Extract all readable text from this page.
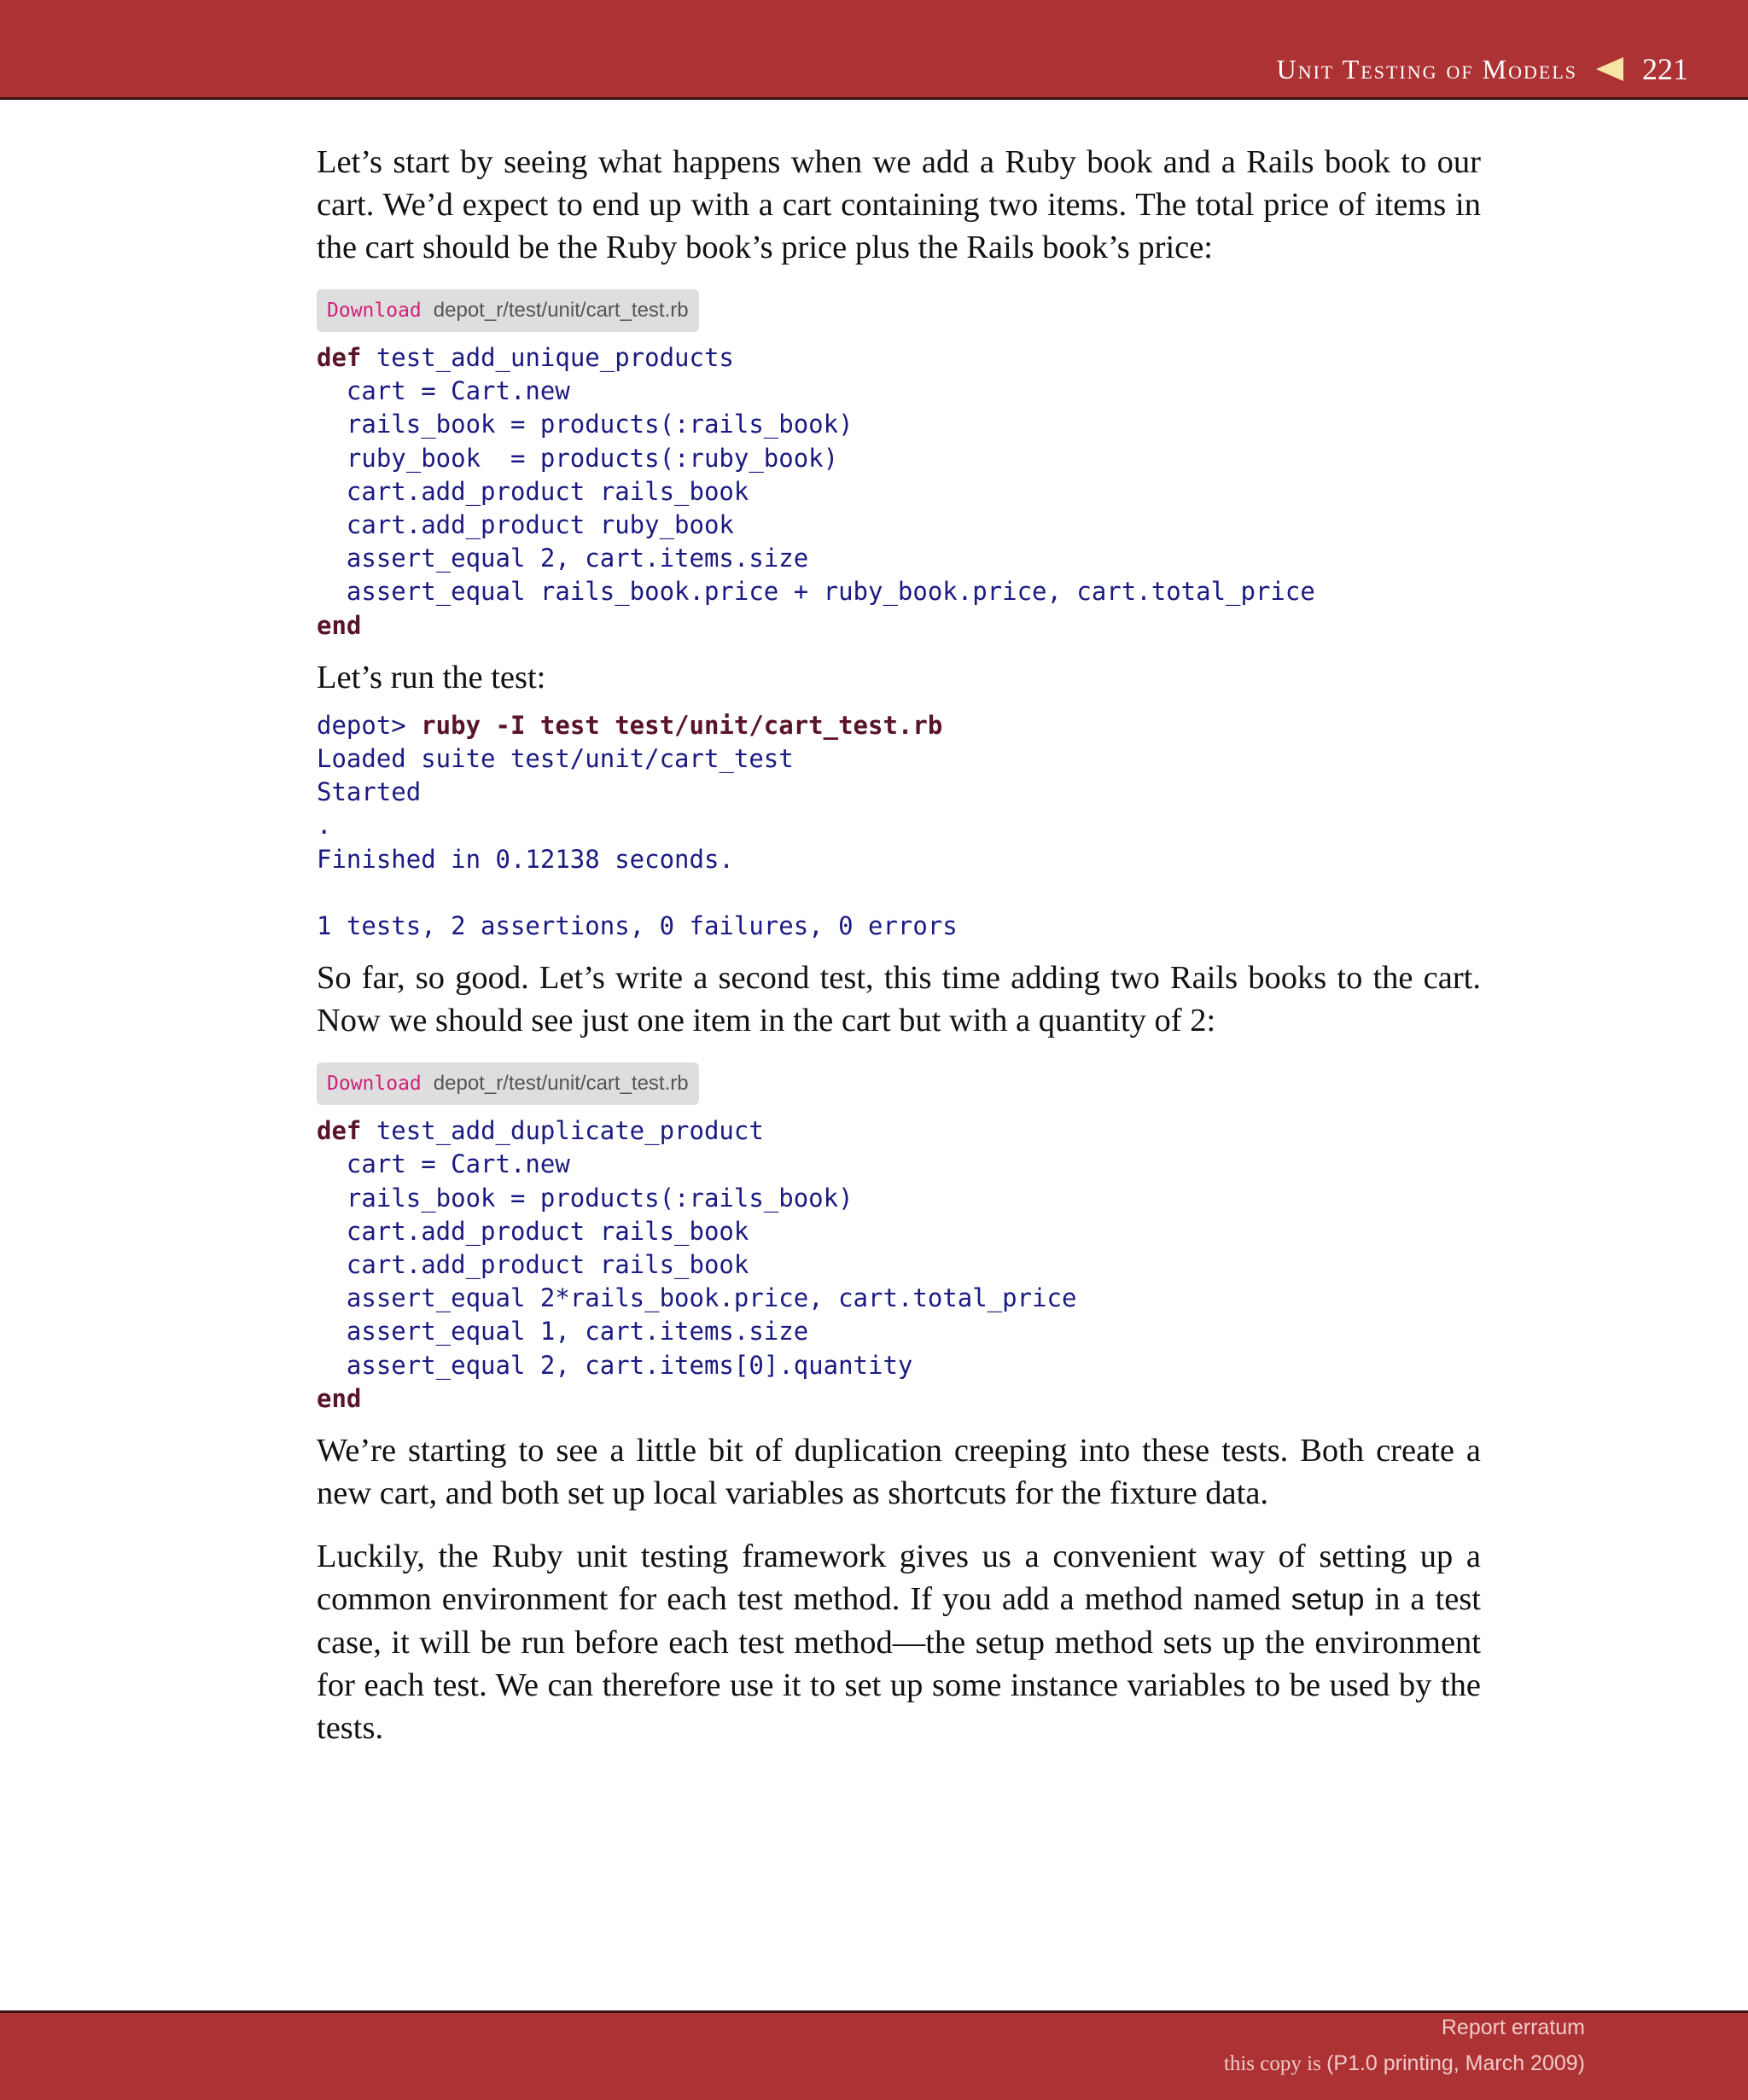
Unit Testing of Models 221

Let’s start by seeing what happens when we add a Ruby book and a Rails book to our cart. We’d expect to end up with a cart containing two items. The total price of items in the cart should be the Ruby book’s price plus the Rails book’s price:

Download depot_r/test/unit/cart_test.rb
def test_add_unique_products
cart = Cart.new
rails_book = products(:rails_book)
ruby_book  = products(:ruby_book)
cart.add_product rails_book
cart.add_product ruby_book
assert_equal 2, cart.items.size
assert_equal rails_book.price + ruby_book.price, cart.total_price
end

Let’s run the test:

depot> ruby -I test test/unit/cart_test.rb
Loaded suite test/unit/cart_test
Started
.
Finished in 0.12138 seconds.
1 tests, 2 assertions, 0 failures, 0 errors

So far, so good. Let’s write a second test, this time adding two Rails books to the cart. Now we should see just one item in the cart but with a quantity of 2:

Download depot_r/test/unit/cart_test.rb
def test_add_duplicate_product
cart = Cart.new
rails_book = products(:rails_book)
cart.add_product rails_book
cart.add_product rails_book
assert_equal 2*rails_book.price, cart.total_price
assert_equal 1, cart.items.size
assert_equal 2, cart.items[0].quantity
end

We’re starting to see a little bit of duplication creeping into these tests. Both create a new cart, and both set up local variables as shortcuts for the fixture data.

Luckily, the Ruby unit testing framework gives us a convenient way of setting up a common environment for each test method. If you add a method named setup in a test case, it will be run before each test method—the setup method sets up the environment for each test. We can therefore use it to set up some instance variables to be used by the tests.

Report erratum
this copy is (P1.0 printing, March 2009)
